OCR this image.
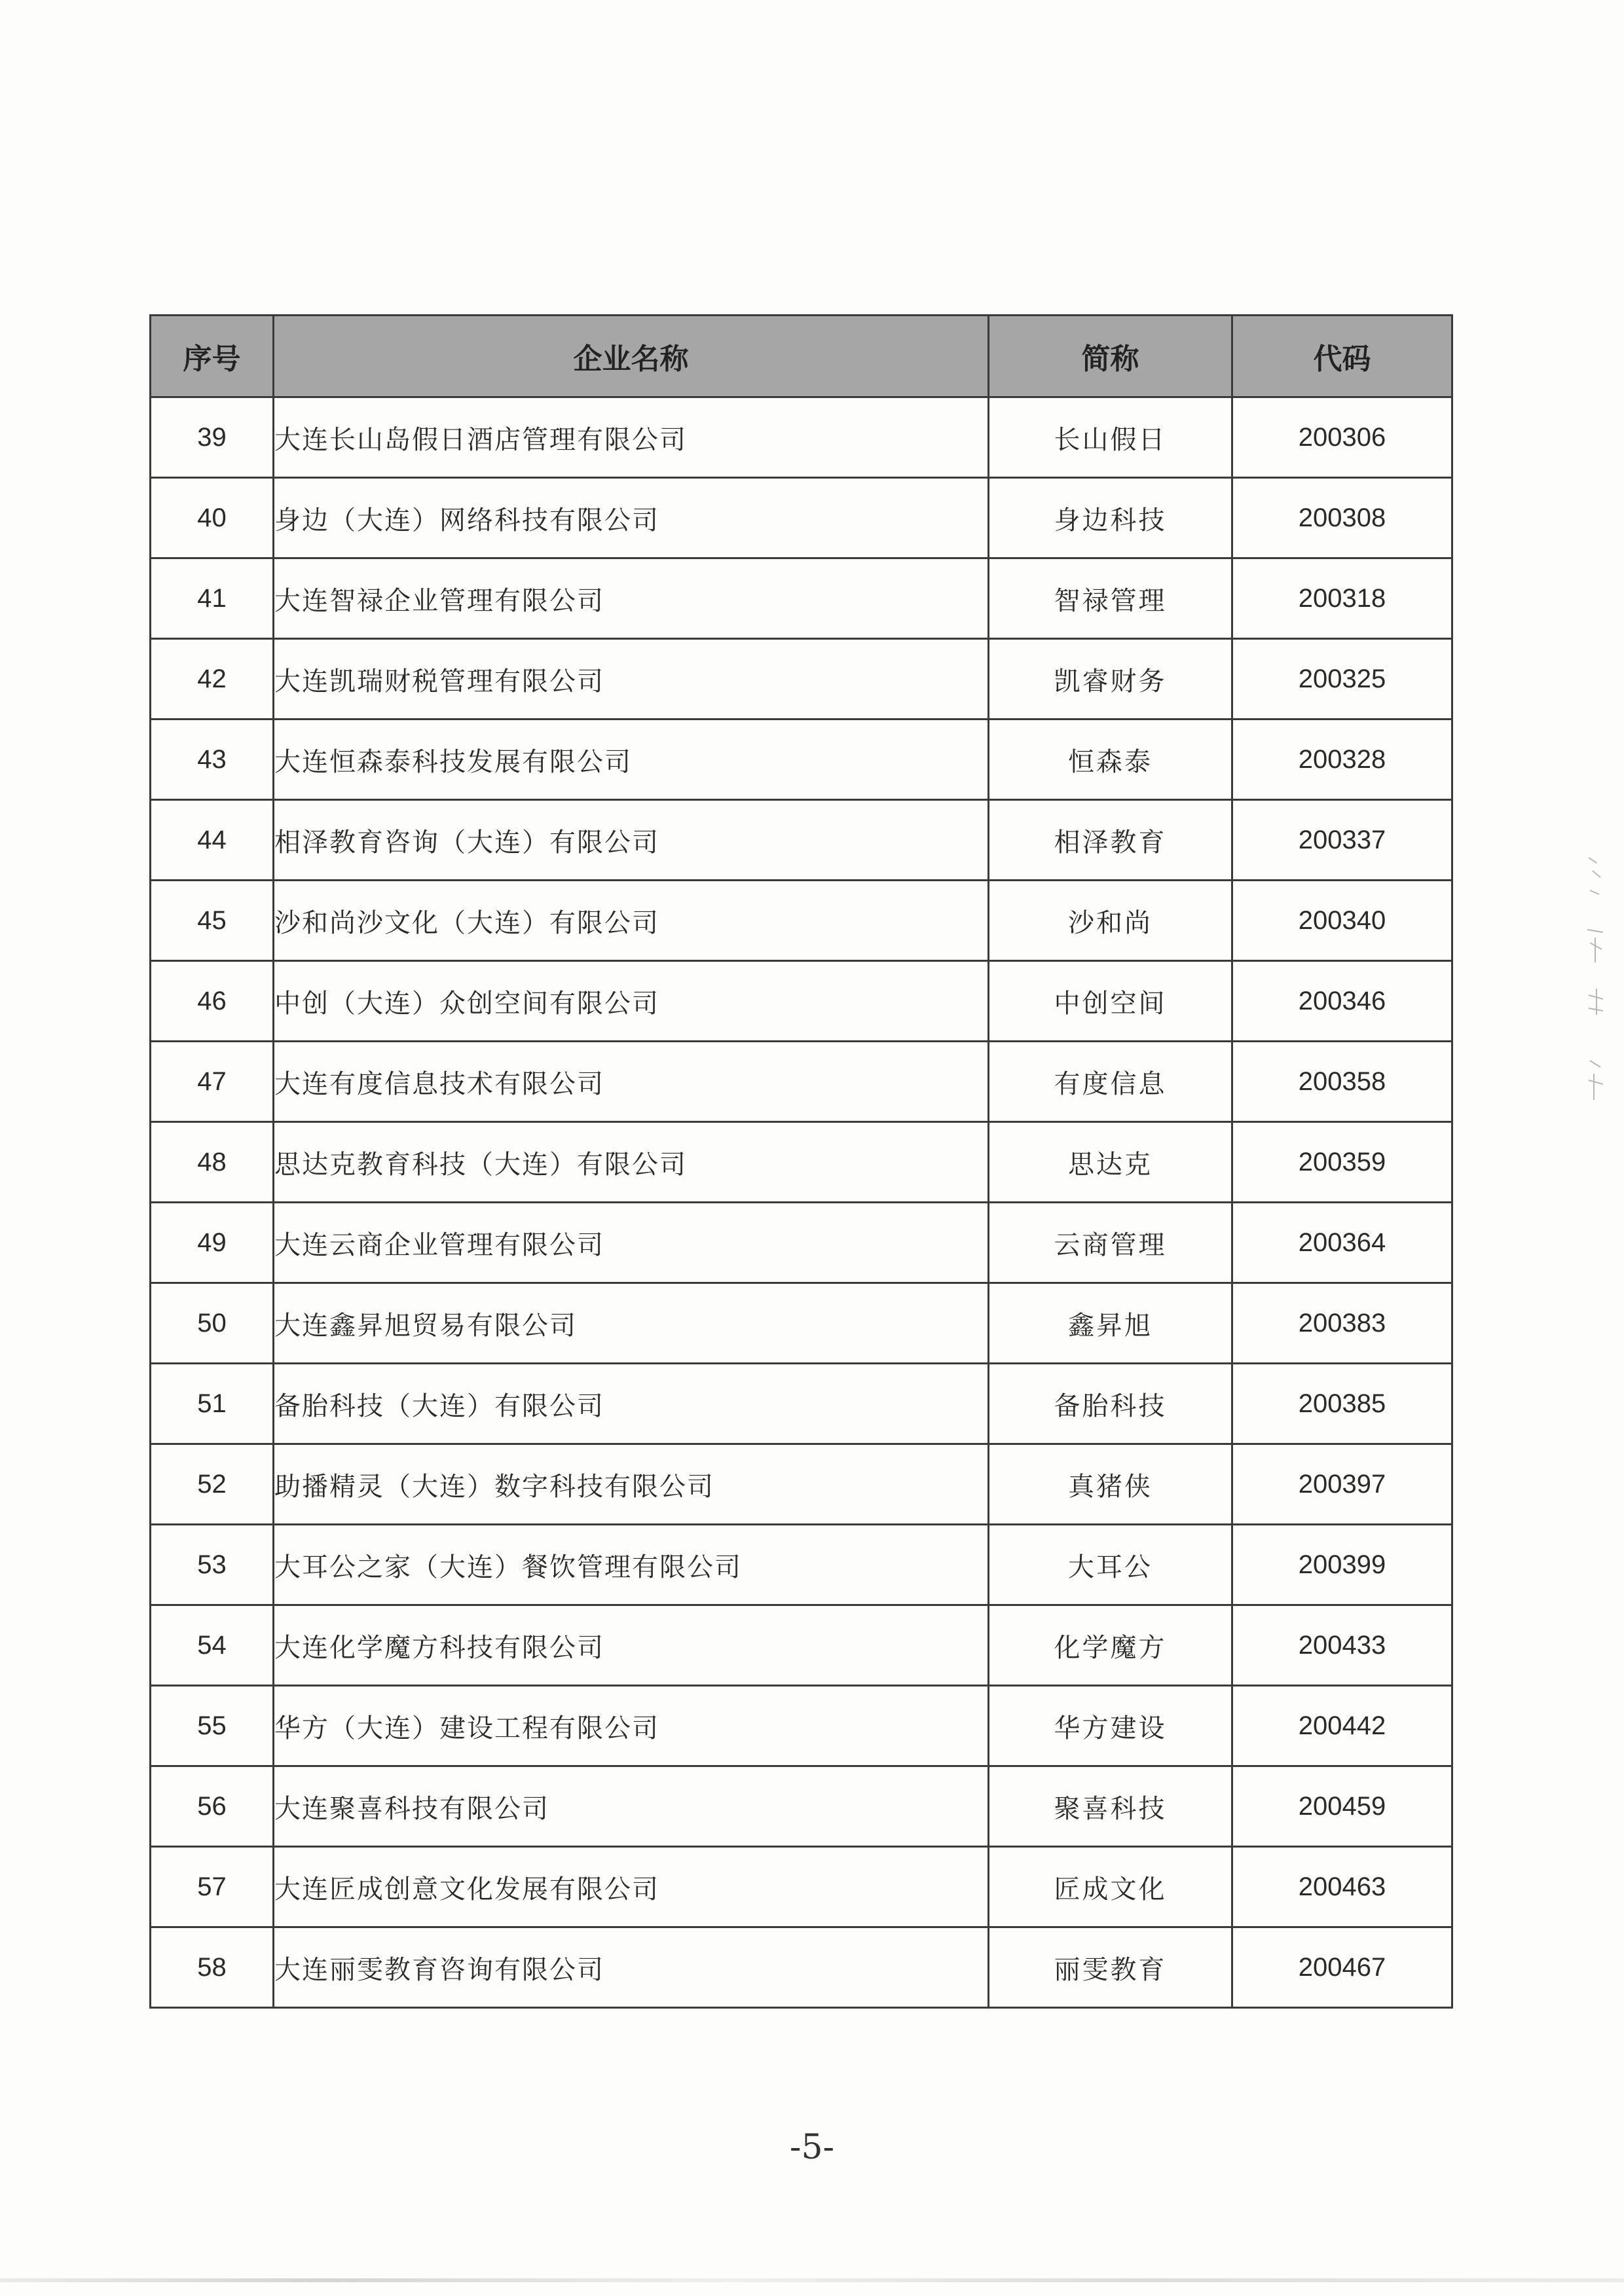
序号	企业名称	简称	代码
39	大连长山岛假日酒店管理有限公司	长山假日	200306
40	身边（大连）网络科技有限公司	身边科技	200308
41	大连智禄企业管理有限公司	智禄管理	200318
42	大连凯瑞财税管理有限公司	凯睿财务	200325
43	大连恒森泰科技发展有限公司	恒森泰	200328
44	相泽教育咨询（大连）有限公司	相泽教育	200337
45	沙和尚沙文化（大连）有限公司	沙和尚	200340
46	中创（大连）众创空间有限公司	中创空间	200346
47	大连有度信息技术有限公司	有度信息	200358
48	思达克教育科技（大连）有限公司	思达克	200359
49	大连云商企业管理有限公司	云商管理	200364
50	大连鑫昇旭贸易有限公司	鑫昇旭	200383
51	备胎科技（大连）有限公司	备胎科技	200385
52	助播精灵（大连）数字科技有限公司	真猪侠	200397
53	大耳公之家（大连）餐饮管理有限公司	大耳公	200399
54	大连化学魔方科技有限公司	化学魔方	200433
55	华方（大连）建设工程有限公司	华方建设	200442
56	大连聚喜科技有限公司	聚喜科技	200459
57	大连匠成创意文化发展有限公司	匠成文化	200463
58	大连丽雯教育咨询有限公司	丽雯教育	200467
-5-
